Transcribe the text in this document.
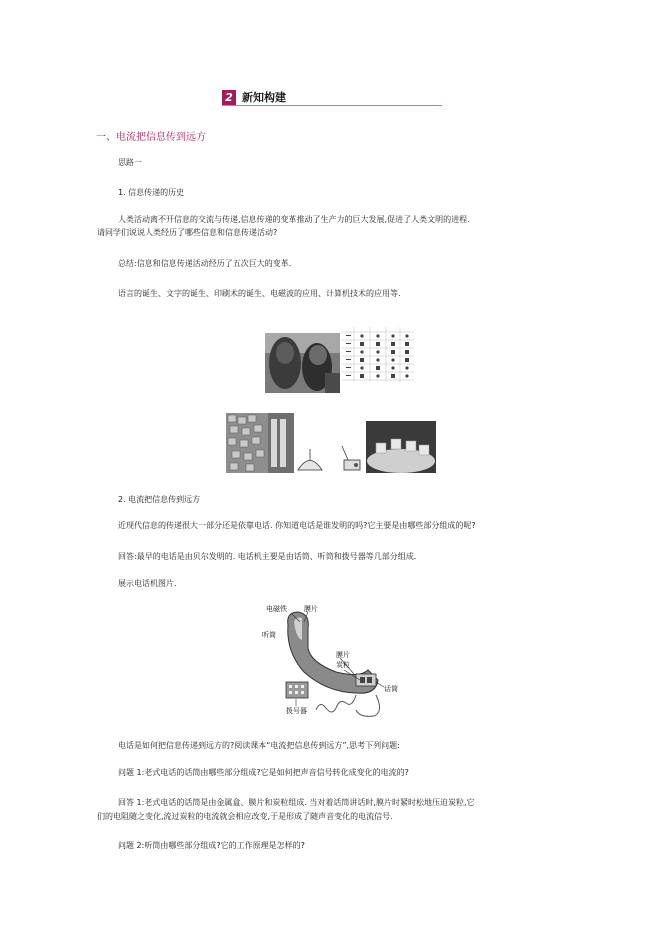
2 新知构建
一、电流把信息传到远方
思路一
1. 信息传递的历史
人类活动离不开信息的交流与传递,信息传递的变革推动了生产力的巨大发展,促进了人类文明的进程.
请同学们说说人类经历了哪些信息和信息传递活动?
总结:信息和信息传递活动经历了五次巨大的变革.
语言的诞生、文字的诞生、印刷术的诞生、电磁波的应用、计算机技术的应用等.
2. 电流把信息传到远方
近现代信息的传递很大一部分还是依靠电话. 你知道电话是谁发明的吗?它主要是由哪些部分组成的呢?
回答:最早的电话是由贝尔发明的. 电话机主要是由话筒、听筒和拨号器等几部分组成.
展示电话机图片.
电磁铁 膜片
听筒
膜片
炭粒
话筒
拨号器
电话是如何把信息传递到远方的?阅读课本“电流把信息传到远方”,思考下列问题:
问题 1:老式电话的话筒由哪些部分组成?它是如何把声音信号转化成变化的电流的?
回答 1:老式电话的话筒是由金属盒、膜片和炭粒组成. 当对着话筒讲话时,膜片时紧时松地压迫炭粒,它
们的电阻随之变化,流过炭粒的电流就会相应改变,于是形成了随声音变化的电流信号.
问题 2:听筒由哪些部分组成?它的工作原理是怎样的?
